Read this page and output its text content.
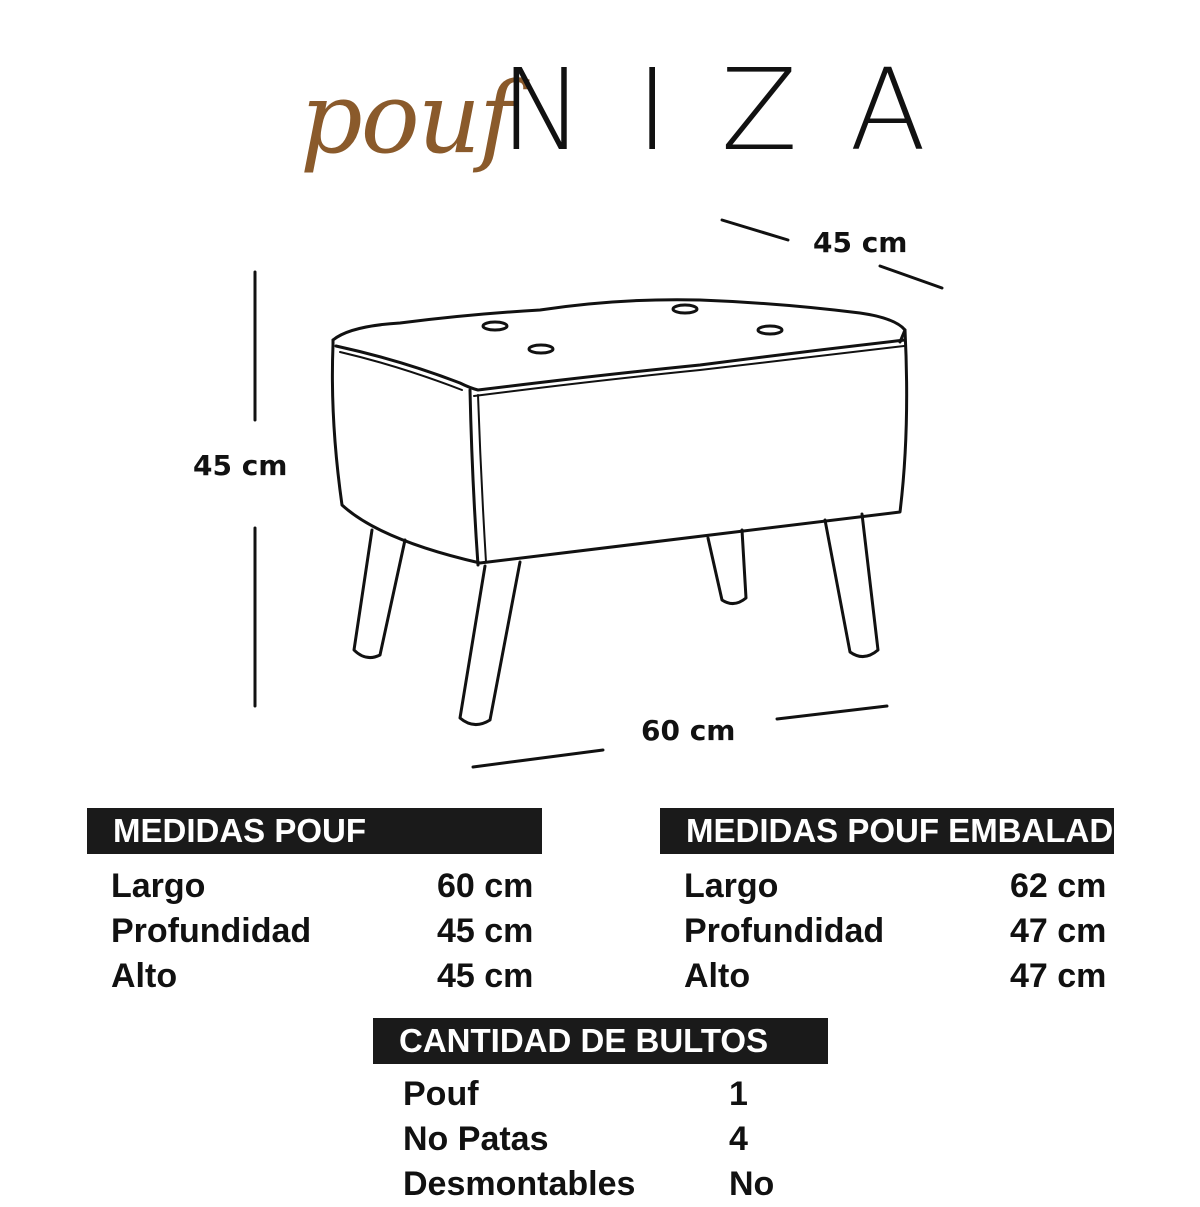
pouf
NIZA
45 cm
45 cm
60 cm
MEDIDAS POUF
Largo	60 cm
Profundidad	45 cm
Alto	45 cm
MEDIDAS POUF EMBALADO
Largo	62 cm
Profundidad	47 cm
Alto	47 cm
CANTIDAD DE BULTOS
Pouf	1
No Patas	4
Desmontables	No
